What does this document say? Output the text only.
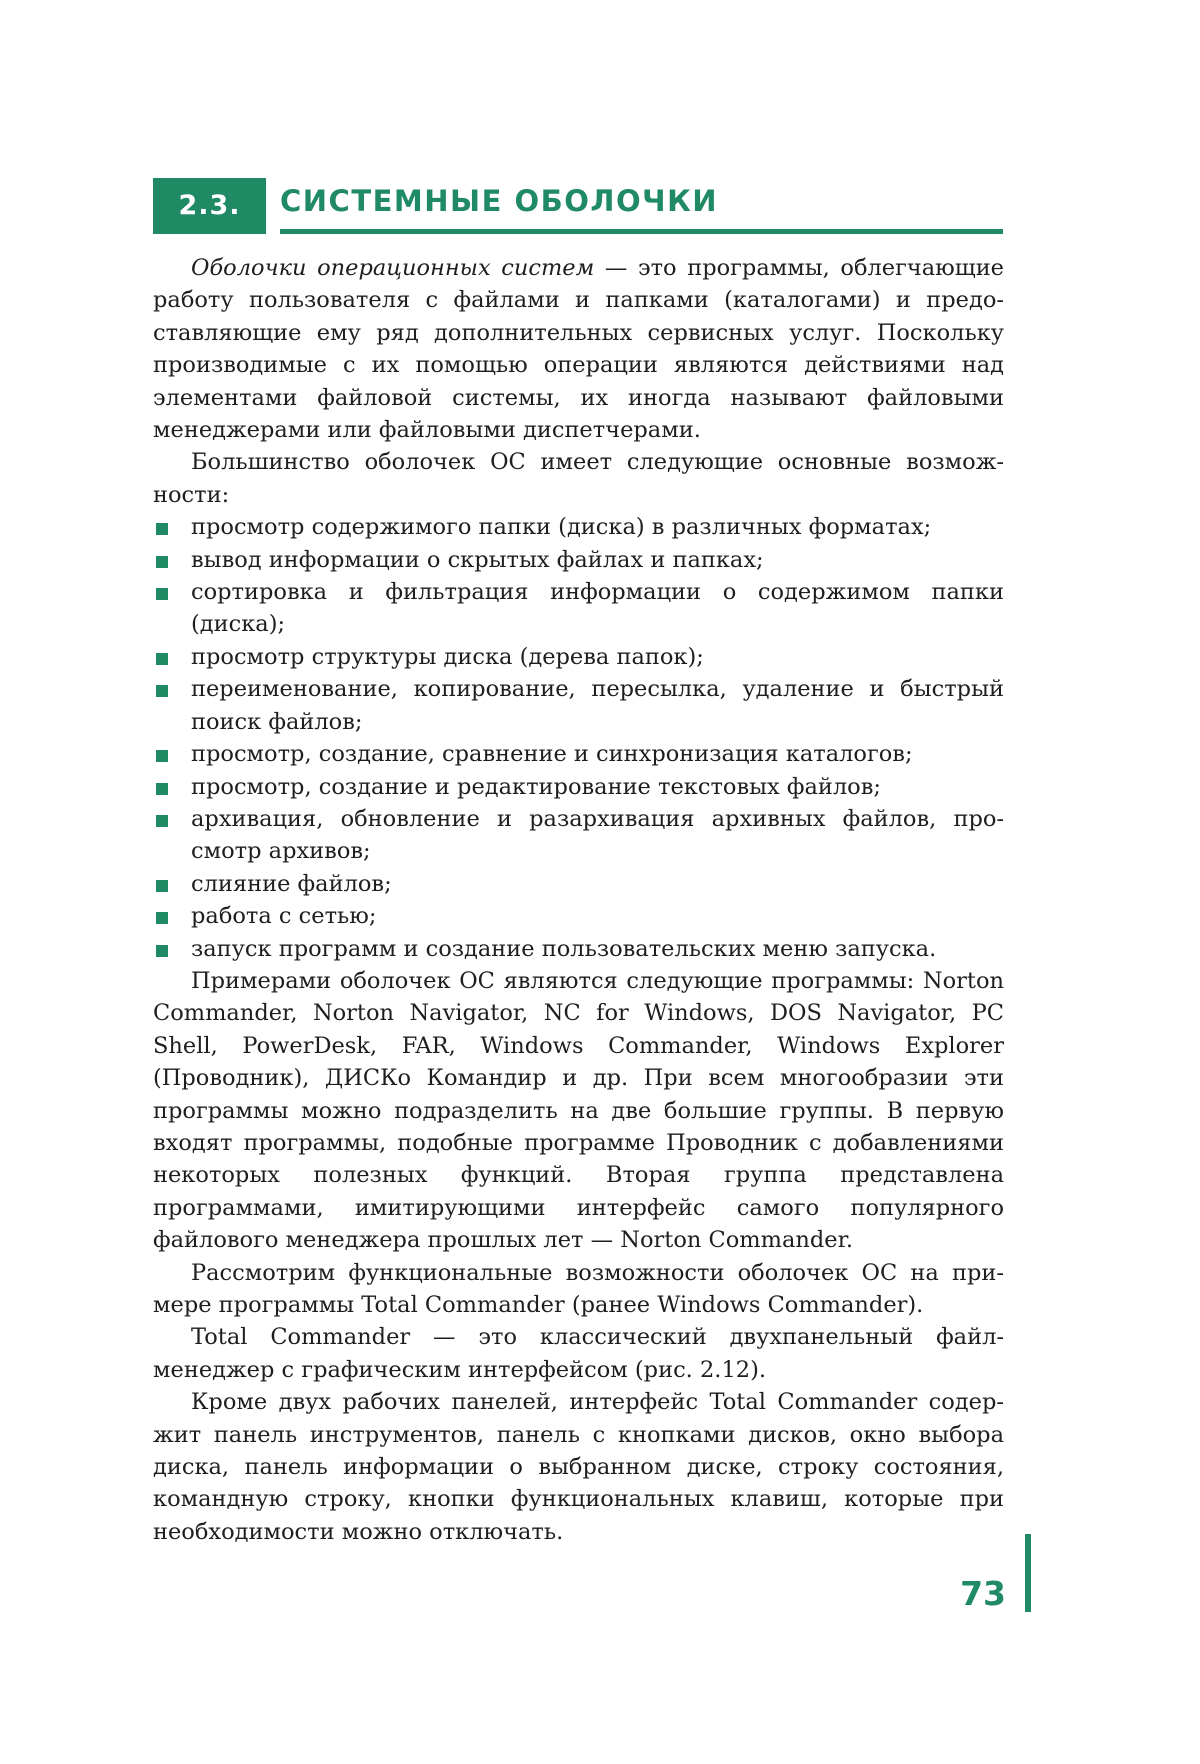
2.3.	СИСТЕМНЫЕ ОБОЛОЧКИ

Оболочки операционных систем — это программы, облегчающие работу пользователя с файлами и папками (каталогами) и предоставляющие ему ряд дополнительных сервисных услуг. Поскольку производимые с их помощью операции являются действиями над элементами файловой системы, их иногда называют файловыми менеджерами или файловыми диспетчерами.

Большинство оболочек ОС имеет следующие основные возможности:

просмотр содержимого папки (диска) в различных форматах;
вывод информации о скрытых файлах и папках;
сортировка и фильтрация информации о содержимом папки (диска);
просмотр структуры диска (дерева папок);
переименование, копирование, пересылка, удаление и быстрый поиск файлов;
просмотр, создание, сравнение и синхронизация каталогов;
просмотр, создание и редактирование текстовых файлов;
архивация, обновление и разархивация архивных файлов, просмотр архивов;
слияние файлов;
работа с сетью;
запуск программ и создание пользовательских меню запуска.

Примерами оболочек ОС являются следующие программы: Norton Commander, Norton Navigator, NC for Windows, DOS Navigator, PC Shell, PowerDesk, FAR, Windows Commander, Windows Explorer (Проводник), ДИСКо Командир и др. При всем многообразии эти программы можно подразделить на две большие группы. В первую входят программы, подобные программе Проводник с добавлениями некоторых полезных функций. Вторая группа представлена программами, имитирующими интерфейс самого популярного файлового менеджера прошлых лет — Norton Commander.

Рассмотрим функциональные возможности оболочек ОС на примере программы Total Commander (ранее Windows Commander).

Total Commander — это классический двухпанельный файл-менеджер с графическим интерфейсом (рис. 2.12).

Кроме двух рабочих панелей, интерфейс Total Commander содержит панель инструментов, панель с кнопками дисков, окно выбора диска, панель информации о выбранном диске, строку состояния, командную строку, кнопки функциональных клавиш, которые при необходимости можно отключать.

73
